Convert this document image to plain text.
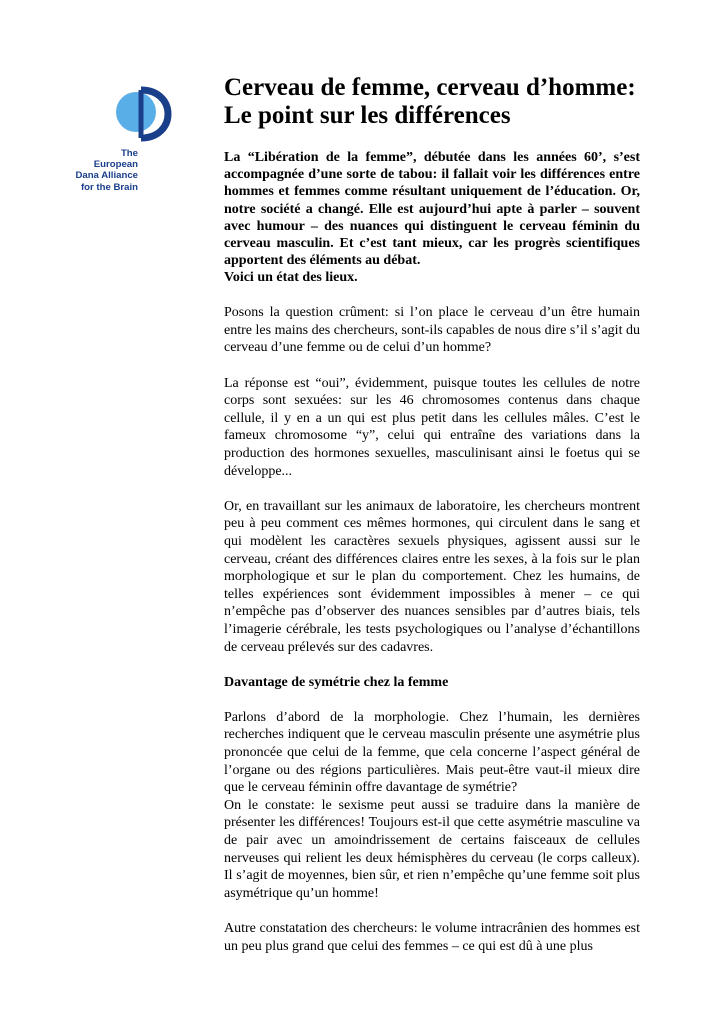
The
European
Dana Alliance
for the Brain
Cerveau de femme, cerveau d’homme:
Le point sur les différences

La “Libération de la femme”, débutée dans les années 60’, s’est accompagnée d’une sorte de tabou: il fallait voir les différences entre hommes et femmes comme résultant uniquement de l’éducation. Or, notre société a changé. Elle est aujourd’hui apte à parler – souvent avec humour – des nuances qui distinguent le cerveau féminin du cerveau masculin. Et c’est tant mieux, car les progrès scientifiques apportent des éléments au débat.
Voici un état des lieux.

Posons la question crûment: si l’on place le cerveau d’un être humain entre les mains des chercheurs, sont-ils capables de nous dire s’il s’agit du cerveau d’une femme ou de celui d’un homme?

La réponse est “oui”, évidemment, puisque toutes les cellules de notre corps sont sexuées: sur les 46 chromosomes contenus dans chaque cellule, il y en a un qui est plus petit dans les cellules mâles. C’est le fameux chromosome “y”, celui qui entraîne des variations dans la production des hormones sexuelles, masculinisant ainsi le foetus qui se développe...

Or, en travaillant sur les animaux de laboratoire, les chercheurs montrent peu à peu comment ces mêmes hormones, qui circulent dans le sang et qui modèlent les caractères sexuels physiques, agissent aussi sur le cerveau, créant des différences claires entre les sexes, à la fois sur le plan morphologique et sur le plan du comportement. Chez les humains, de telles expériences sont évidemment impossibles à mener – ce qui n’empêche pas d’observer des nuances sensibles par d’autres biais, tels l’imagerie cérébrale, les tests psychologiques ou l’analyse d’échantillons de cerveau prélevés sur des cadavres.

Davantage de symétrie chez la femme

Parlons d’abord de la morphologie. Chez l’humain, les dernières recherches indiquent que le cerveau masculin présente une asymétrie plus prononcée que celui de la femme, que cela concerne l’aspect général de l’organe ou des régions particulières. Mais peut-être vaut-il mieux dire que le cerveau féminin offre davantage de symétrie?
On le constate: le sexisme peut aussi se traduire dans la manière de présenter les différences! Toujours est-il que cette asymétrie masculine va de pair avec un amoindrissement de certains faisceaux de cellules nerveuses qui relient les deux hémisphères du cerveau (le corps calleux). Il s’agit de moyennes, bien sûr, et rien n’empêche qu’une femme soit plus asymétrique qu’un homme!

Autre constatation des chercheurs: le volume intracrânien des hommes est un peu plus grand que celui des femmes – ce qui est dû à une plus
